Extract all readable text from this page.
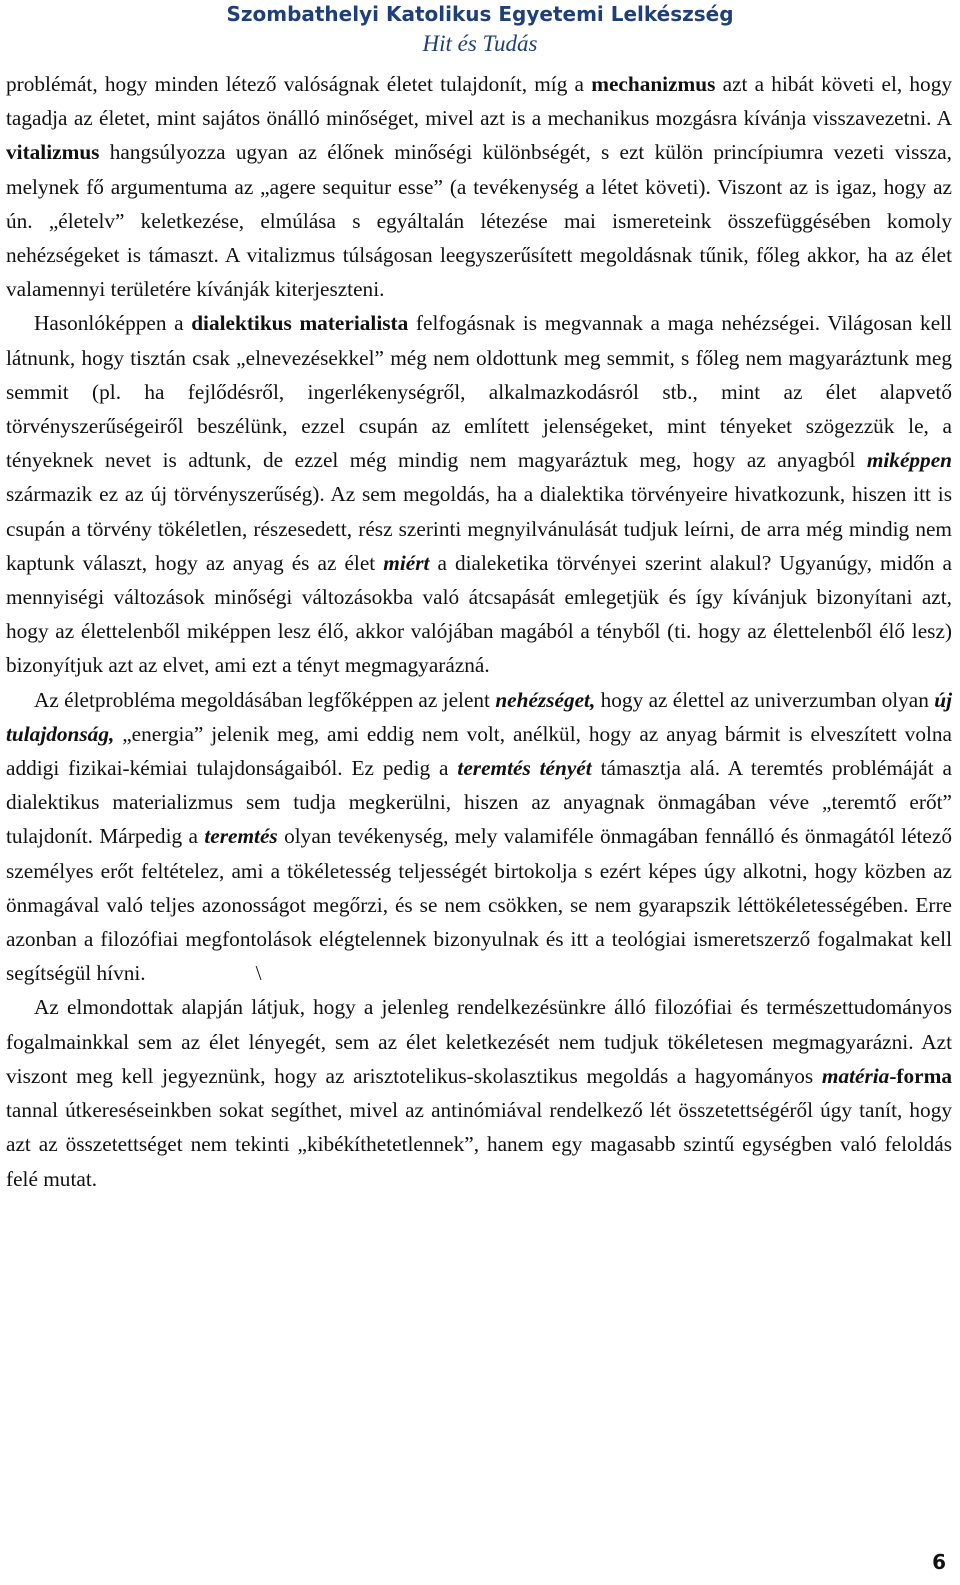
Szombathelyi Katolikus Egyetemi Lelkészség
Hit és Tudás

problémát, hogy minden létező valóságnak életet tulajdonít, míg a mechanizmus azt a hibát követi el, hogy tagadja az életet, mint sajátos önálló minőséget, mivel azt is a mechanikus mozgásra kívánja visszavezetni. A vitalizmus hangsúlyozza ugyan az élőnek minőségi különbségét, s ezt külön princípiumra vezeti vissza, melynek fő argumentuma az „agere sequitur esse” (a tevékenység a létet követi). Viszont az is igaz, hogy az ún. „életelv” keletkezése, elmúlása s egyáltalán létezése mai ismereteink összefüggésében komoly nehézségeket is támaszt. A vitalizmus túlságosan leegyszerűsített megoldásnak tűnik, főleg akkor, ha az élet valamennyi területére kívánják kiterjeszteni.

Hasonlóképpen a dialektikus materialista felfogásnak is megvannak a maga nehézségei. Világosan kell látnunk, hogy tisztán csak „elnevezésekkel” még nem oldottunk meg semmit, s főleg nem magyaráztunk meg semmit (pl. ha fejlődésről, ingerlékenységről, alkalmazkodásról stb., mint az élet alapvető törvényszerűségeiről beszélünk, ezzel csupán az említett jelenségeket, mint tényeket szögezzük le, a tényeknek nevet is adtunk, de ezzel még mindig nem magyaráztuk meg, hogy az anyagból miképpen származik ez az új törvényszerűség). Az sem megoldás, ha a dialektika törvényeire hivatkozunk, hiszen itt is csupán a törvény tökéletlen, részesedett, rész szerinti megnyilvánulását tudjuk leírni, de arra még mindig nem kaptunk választ, hogy az anyag és az élet miért a dialeketika törvényei szerint alakul? Ugyanúgy, midőn a mennyiségi változások minőségi változásokba való átcsapását emlegetjük és így kívánjuk bizonyítani azt, hogy az élettelenből miképpen lesz élő, akkor valójában magából a tényből (ti. hogy az élettelenből élő lesz) bizonyítjuk azt az elvet, ami ezt a tényt megmagyarázná.

Az életprobléma megoldásában legfőképpen az jelent nehézséget, hogy az élettel az univerzumban olyan új tulajdonság, „energia” jelenik meg, ami eddig nem volt, anélkül, hogy az anyag bármit is elveszített volna addigi fizikai-kémiai tulajdonságaiból. Ez pedig a teremtés tényét támasztja alá. A teremtés problémáját a dialektikus materializmus sem tudja megkerülni, hiszen az anyagnak önmagában véve „teremtő erőt” tulajdonít. Márpedig a teremtés olyan tevékenység, mely valamiféle önmagában fennálló és önmagától létező személyes erőt feltételez, ami a tökéletesség teljességét birtokolja s ezért képes úgy alkotni, hogy közben az önmagával való teljes azonosságot megőrzi, és se nem csökken, se nem gyarapszik léttökéletességében. Erre azonban a filozófiai megfontolások elégtelennek bizonyulnak és itt a teológiai ismeretszerző fogalmakat kell segítségül hívni.	\

Az elmondottak alapján látjuk, hogy a jelenleg rendelkezésünkre álló filozófiai és természettudományos fogalmainkkal sem az élet lényegét, sem az élet keletkezését nem tudjuk tökéletesen megmagyarázni. Azt viszont meg kell jegyeznünk, hogy az arisztotelikus-skolasztikus megoldás a hagyományos matéria-forma tannal útkereséseinkben sokat segíthet, mivel az antinómiával rendelkező lét összetettségéről úgy tanít, hogy azt az összetettséget nem tekinti „kibékíthetetlennek”, hanem egy magasabb szintű egységben való feloldás felé mutat.

6
